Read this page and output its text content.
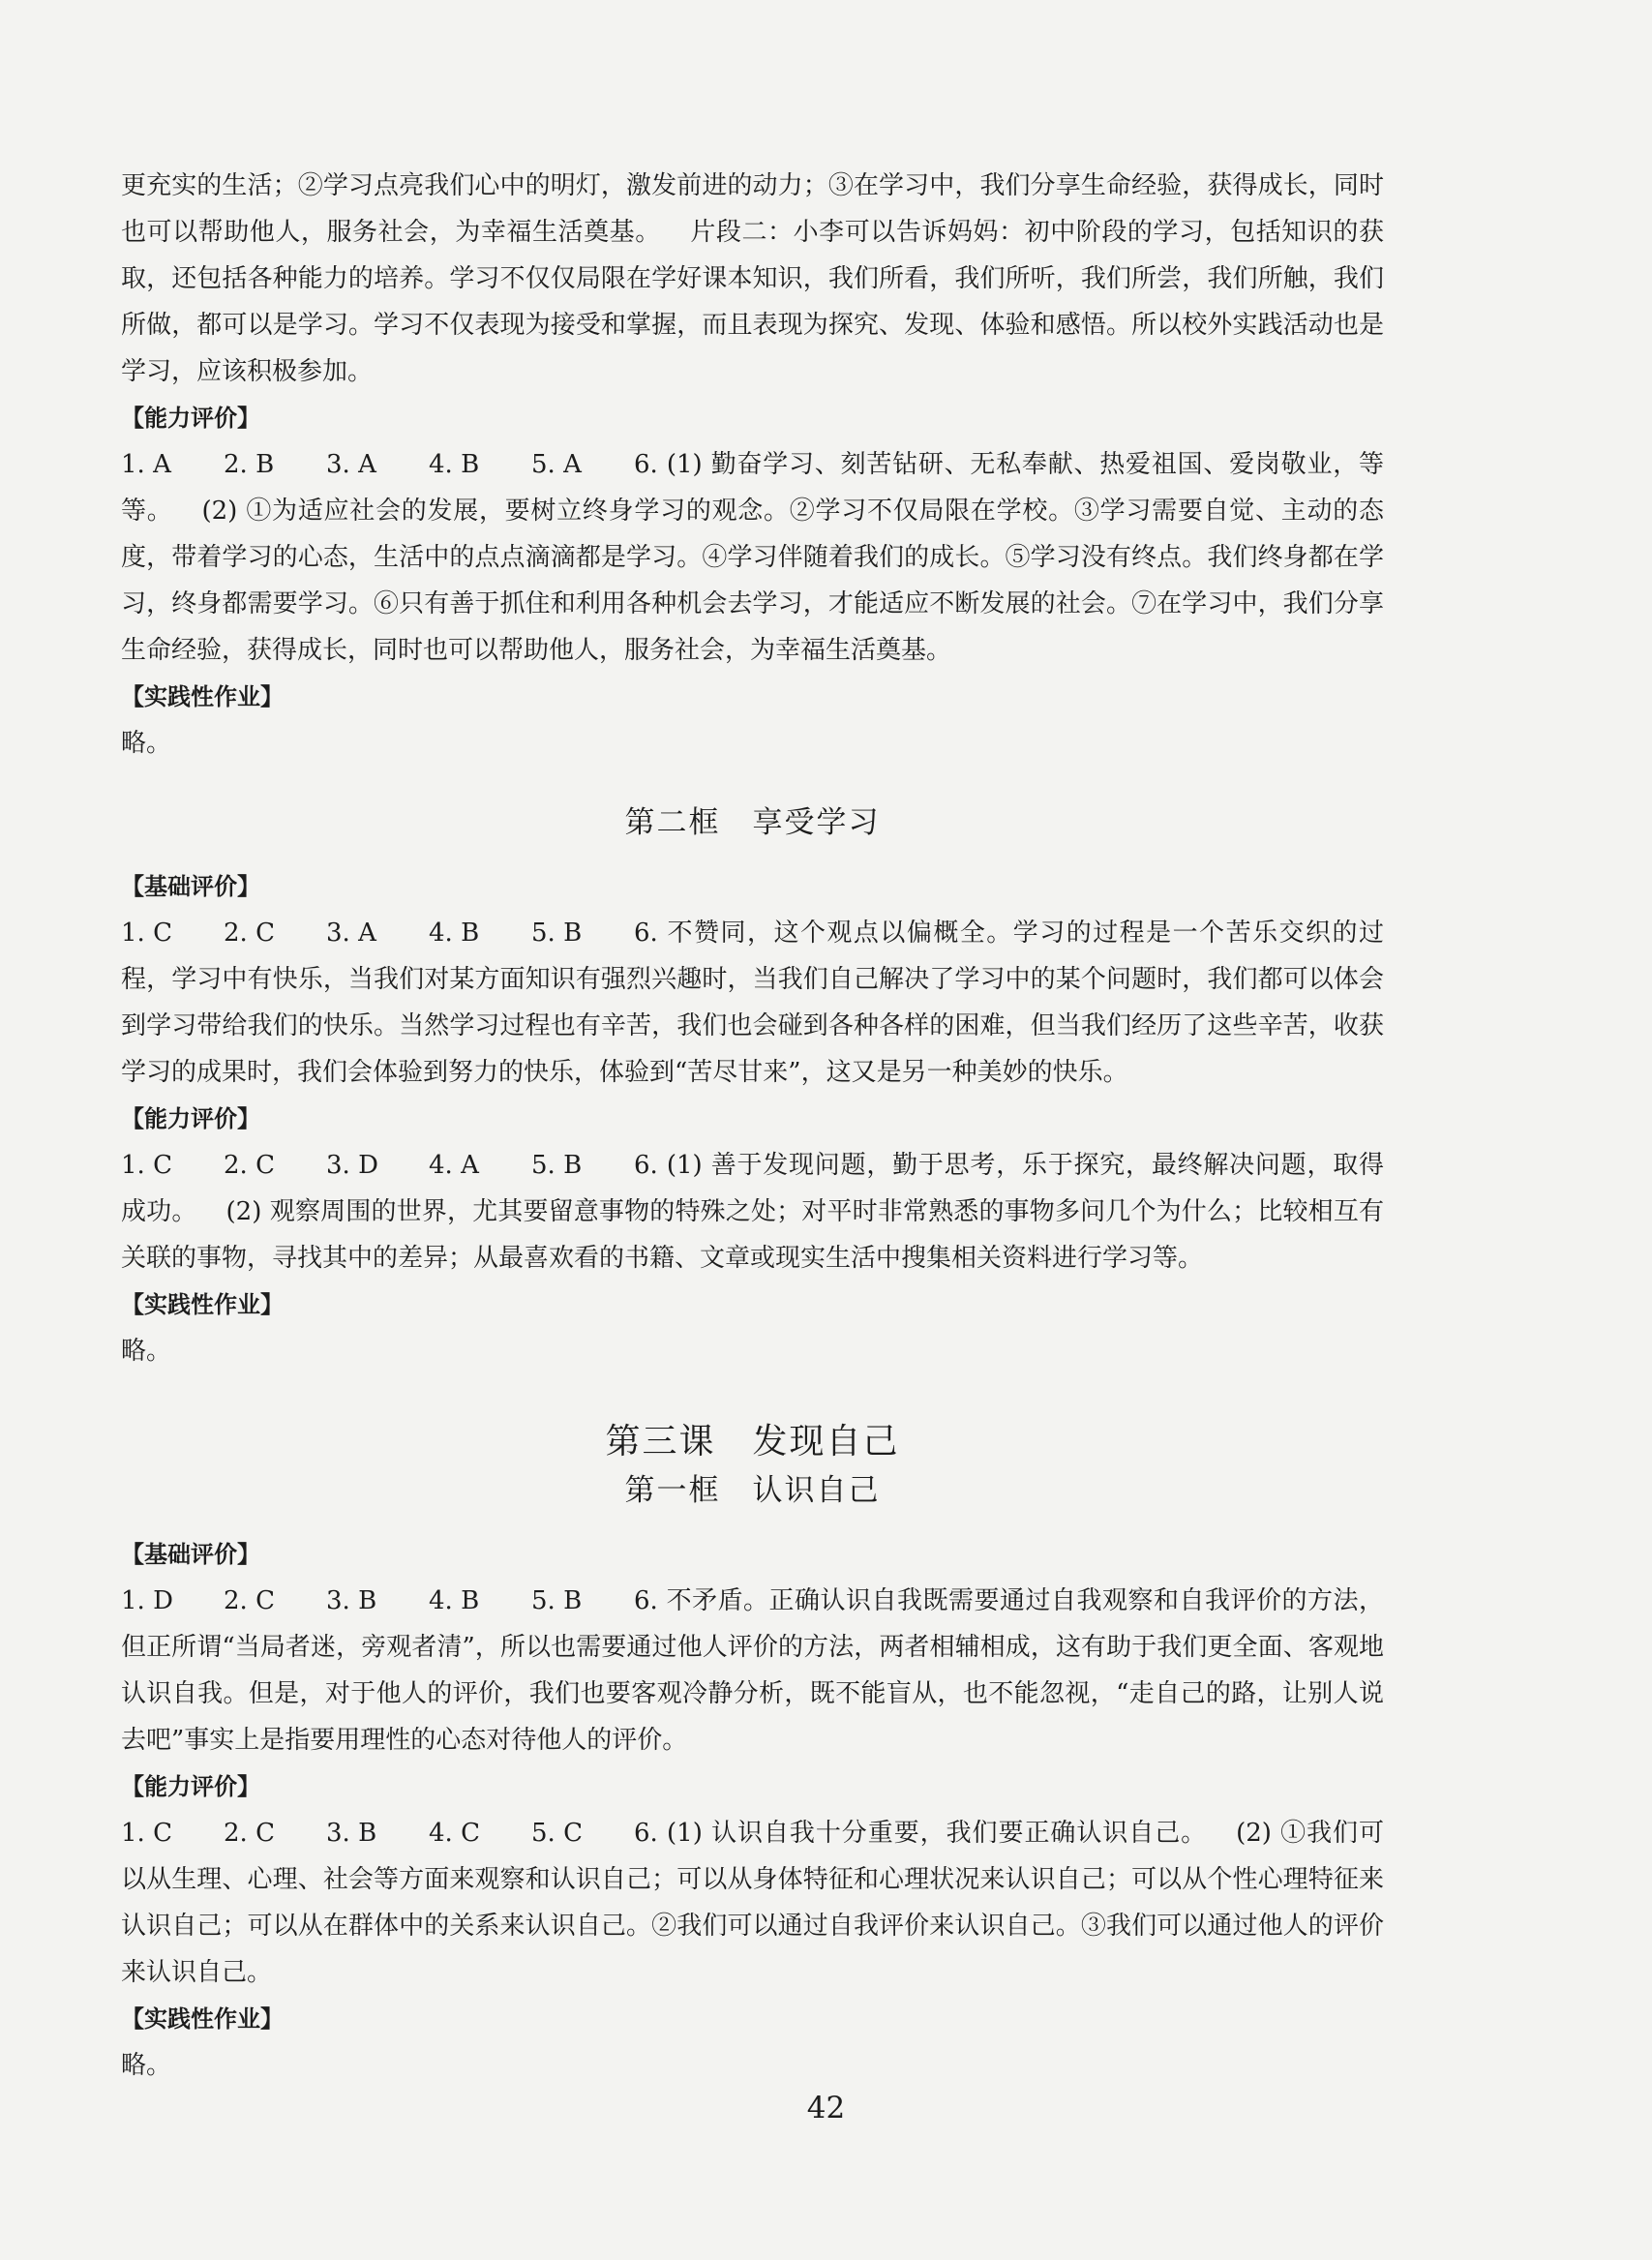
更充实的生活；②学习点亮我们心中的明灯，激发前进的动力；③在学习中，我们分享生命经验，获得成长，同时也可以帮助他人，服务社会，为幸福生活奠基。 片段二：小李可以告诉妈妈：初中阶段的学习，包括知识的获取，还包括各种能力的培养。学习不仅仅局限在学好课本知识，我们所看，我们所听，我们所尝，我们所触，我们所做，都可以是学习。学习不仅表现为接受和掌握，而且表现为探究、发现、体验和感悟。所以校外实践活动也是学习，应该积极参加。

【能力评价】

1. A 2. B 3. A 4. B 5. A 6. (1) 勤奋学习、刻苦钻研、无私奉献、热爱祖国、爱岗敬业，等等。 (2) ①为适应社会的发展，要树立终身学习的观念。②学习不仅局限在学校。③学习需要自觉、主动的态度，带着学习的心态，生活中的点点滴滴都是学习。④学习伴随着我们的成长。⑤学习没有终点。我们终身都在学习，终身都需要学习。⑥只有善于抓住和利用各种机会去学习，才能适应不断发展的社会。⑦在学习中，我们分享生命经验，获得成长，同时也可以帮助他人，服务社会，为幸福生活奠基。

【实践性作业】

略。

第二框　享受学习

【基础评价】

1. C 2. C 3. A 4. B 5. B 6. 不赞同，这个观点以偏概全。学习的过程是一个苦乐交织的过程，学习中有快乐，当我们对某方面知识有强烈兴趣时，当我们自己解决了学习中的某个问题时，我们都可以体会到学习带给我们的快乐。当然学习过程也有辛苦，我们也会碰到各种各样的困难，但当我们经历了这些辛苦，收获学习的成果时，我们会体验到努力的快乐，体验到“苦尽甘来”，这又是另一种美妙的快乐。

【能力评价】

1. C 2. C 3. D 4. A 5. B 6. (1) 善于发现问题，勤于思考，乐于探究，最终解决问题，取得成功。 (2) 观察周围的世界，尤其要留意事物的特殊之处；对平时非常熟悉的事物多问几个为什么；比较相互有关联的事物，寻找其中的差异；从最喜欢看的书籍、文章或现实生活中搜集相关资料进行学习等。

【实践性作业】

略。

第三课　发现自己
第一框　认识自己

【基础评价】

1. D 2. C 3. B 4. B 5. B 6. 不矛盾。正确认识自我既需要通过自我观察和自我评价的方法，但正所谓“当局者迷，旁观者清”，所以也需要通过他人评价的方法，两者相辅相成，这有助于我们更全面、客观地认识自我。但是，对于他人的评价，我们也要客观冷静分析，既不能盲从，也不能忽视，“走自己的路，让别人说去吧”事实上是指要用理性的心态对待他人的评价。

【能力评价】

1. C 2. C 3. B 4. C 5. C 6. (1) 认识自我十分重要，我们要正确认识自己。 (2) ①我们可以从生理、心理、社会等方面来观察和认识自己；可以从身体特征和心理状况来认识自己；可以从个性心理特征来认识自己；可以从在群体中的关系来认识自己。②我们可以通过自我评价来认识自己。③我们可以通过他人的评价来认识自己。

【实践性作业】

略。

42
